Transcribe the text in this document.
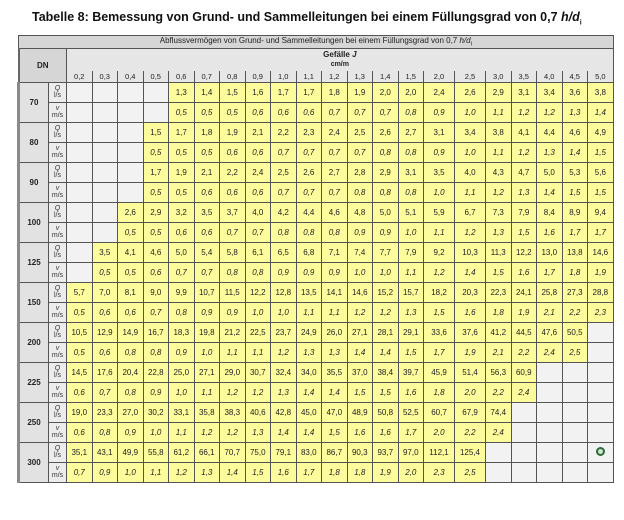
Tabelle 8: Bemessung von Grund- und Sammelleitungen bei einem Füllungsgrad von 0,7 $h/d_i$
Abflussvermögen von Grund- und Sammelleitungen bei einem Füllungsgrad von 0,7 $h/d_i$
DN		Gefälle J
cm/m																				
		0,2	0,3	0,4	0,5	0,6	0,7	0,8	0,9	1,0	1,1	1,2	1,3	1,4	1,5	2,0	2,5	3,0	3,5	4,0	4,5	5,0
70	Q
l/s					1,3	1,4	1,5	1,6	1,7	1,7	1,8	1,9	2,0	2,0	2,4	2,6	2,9	3,1	3,4	3,6	3,8
	v
m/s					0,5	0,5	0,5	0,6	0,6	0,6	0,7	0,7	0,7	0,8	0,9	1,0	1,1	1,2	1,2	1,3	1,4
80	Q
l/s				1,5	1,7	1,8	1,9	2,1	2,2	2,3	2,4	2,5	2,6	2,7	3,1	3,4	3,8	4,1	4,4	4,6	4,9
	v
m/s				0,5	0,5	0,5	0,6	0,6	0,7	0,7	0,7	0,7	0,8	0,8	0,9	1,0	1,1	1,2	1,3	1,4	1,5
90	Q
l/s				1,7	1,9	2,1	2,2	2,4	2,5	2,6	2,7	2,8	2,9	3,1	3,5	4,0	4,3	4,7	5,0	5,3	5,6
	v
m/s				0,5	0,5	0,6	0,6	0,6	0,7	0,7	0,7	0,8	0,8	0,8	1,0	1,1	1,2	1,3	1,4	1,5	1,5
100	Q
l/s			2,6	2,9	3,2	3,5	3,7	4,0	4,2	4,4	4,6	4,8	5,0	5,1	5,9	6,7	7,3	7,9	8,4	8,9	9,4
	v
m/s			0,5	0,5	0,6	0,6	0,7	0,7	0,8	0,8	0,8	0,9	0,9	1,0	1,1	1,2	1,3	1,5	1,6	1,7	1,7
125	Q
l/s		3,5	4,1	4,6	5,0	5,4	5,8	6,1	6,5	6,8	7,1	7,4	7,7	7,9	9,2	10,3	11,3	12,2	13,0	13,8	14,6
	v
m/s		0,5	0,5	0,6	0,7	0,7	0,8	0,8	0,9	0,9	0,9	1,0	1,0	1,1	1,2	1,4	1,5	1,6	1,7	1,8	1,9
150	Q
l/s	5,7	7,0	8,1	9,0	9,9	10,7	11,5	12,2	12,8	13,5	14,1	14,6	15,2	15,7	18,2	20,3	22,3	24,1	25,8	27,3	28,8
	v
m/s	0,5	0,6	0,6	0,7	0,8	0,9	0,9	1,0	1,0	1,1	1,1	1,2	1,2	1,3	1,5	1,6	1,8	1,9	2,1	2,2	2,3
200	Q
l/s	10,5	12,9	14,9	16,7	18,3	19,8	21,2	22,5	23,7	24,9	26,0	27,1	28,1	29,1	33,6	37,6	41,2	44,5	47,6	50,5	
	v
m/s	0,5	0,6	0,8	0,8	0,9	1,0	1,1	1,1	1,2	1,3	1,3	1,4	1,4	1,5	1,7	1,9	2,1	2,2	2,4	2,5	
225	Q
l/s	14,5	17,6	20,4	22,8	25,0	27,1	29,0	30,7	32,4	34,0	35,5	37,0	38,4	39,7	45,9	51,4	56,3	60,9			
	v
m/s	0,6	0,7	0,8	0,9	1,0	1,1	1,2	1,2	1,3	1,4	1,4	1,5	1,5	1,6	1,8	2,0	2,2	2,4			
250	Q
l/s	19,0	23,3	27,0	30,2	33,1	35,8	38,3	40,6	42,8	45,0	47,0	48,9	50,8	52,5	60,7	67,9	74,4				
	v
m/s	0,6	0,8	0,9	1,0	1,1	1,2	1,2	1,3	1,4	1,4	1,5	1,6	1,6	1,7	2,0	2,2	2,4				
300	Q
l/s	35,1	43,1	49,9	55,8	61,2	66,1	70,7	75,0	79,1	83,0	86,7	90,3	93,7	97,0	112,1	125,4					
	v
m/s	0,7	0,9	1,0	1,1	1,2	1,3	1,4	1,5	1,6	1,7	1,8	1,8	1,9	2,0	2,3	2,5					
